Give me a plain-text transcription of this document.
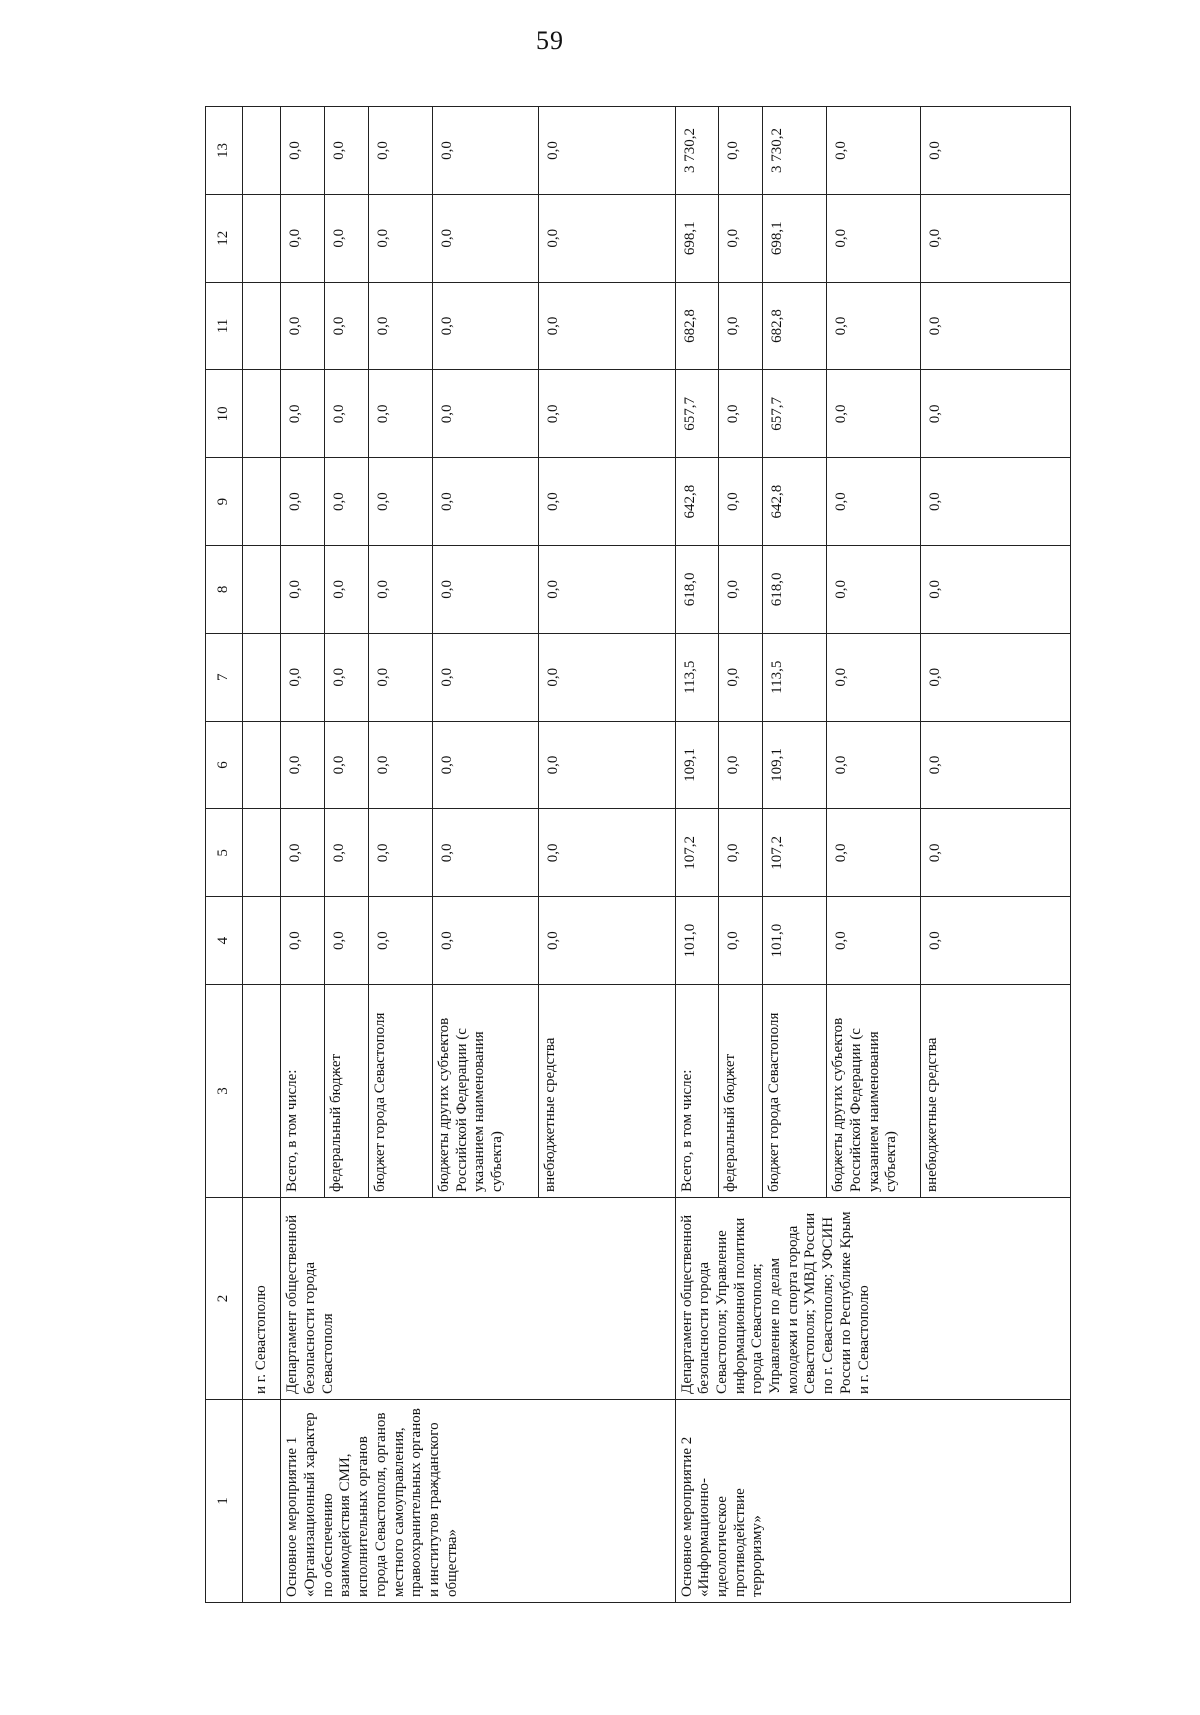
59
1	2	3	4	5	6	7	8	9	10	11	12	13
	и г. Севастополю											

Основное мероприятие 1 «Организационный характер по обеспечению взаимодействия СМИ, исполнительных органов города Севастополя, органов местного самоуправления, правоохранительных органов и институтов гражданского общества»	Департамент общественной безопасности города Севастополя	Всего, в том числе:	0,0	0,0	0,0	0,0	0,0	0,0	0,0	0,0	0,0	0,0
		федеральный бюджет	0,0	0,0	0,0	0,0	0,0	0,0	0,0	0,0	0,0	0,0
		бюджет города Севастополя	0,0	0,0	0,0	0,0	0,0	0,0	0,0	0,0	0,0	0,0
		бюджеты других субъектов Российской Федерации (с указанием наименования субъекта)	0,0	0,0	0,0	0,0	0,0	0,0	0,0	0,0	0,0	0,0
		внебюджетные средства	0,0	0,0	0,0	0,0	0,0	0,0	0,0	0,0	0,0	0,0

Основное мероприятие 2 «Информационно-идеологическое противодействие терроризму»	Департамент общественной безопасности города Севастополя; Управление информационной политики города Севастополя; Управление по делам молодежи и спорта города Севастополя; УМВД России по г. Севастополю; УФСИН России по Республике Крым и г. Севастополю	Всего, в том числе:	101,0	107,2	109,1	113,5	618,0	642,8	657,7	682,8	698,1	3 730,2
		федеральный бюджет	0,0	0,0	0,0	0,0	0,0	0,0	0,0	0,0	0,0	0,0
		бюджет города Севастополя	101,0	107,2	109,1	113,5	618,0	642,8	657,7	682,8	698,1	3 730,2
		бюджеты других субъектов Российской Федерации (с указанием наименования субъекта)	0,0	0,0	0,0	0,0	0,0	0,0	0,0	0,0	0,0	0,0
		внебюджетные средства	0,0	0,0	0,0	0,0	0,0	0,0	0,0	0,0	0,0	0,0
